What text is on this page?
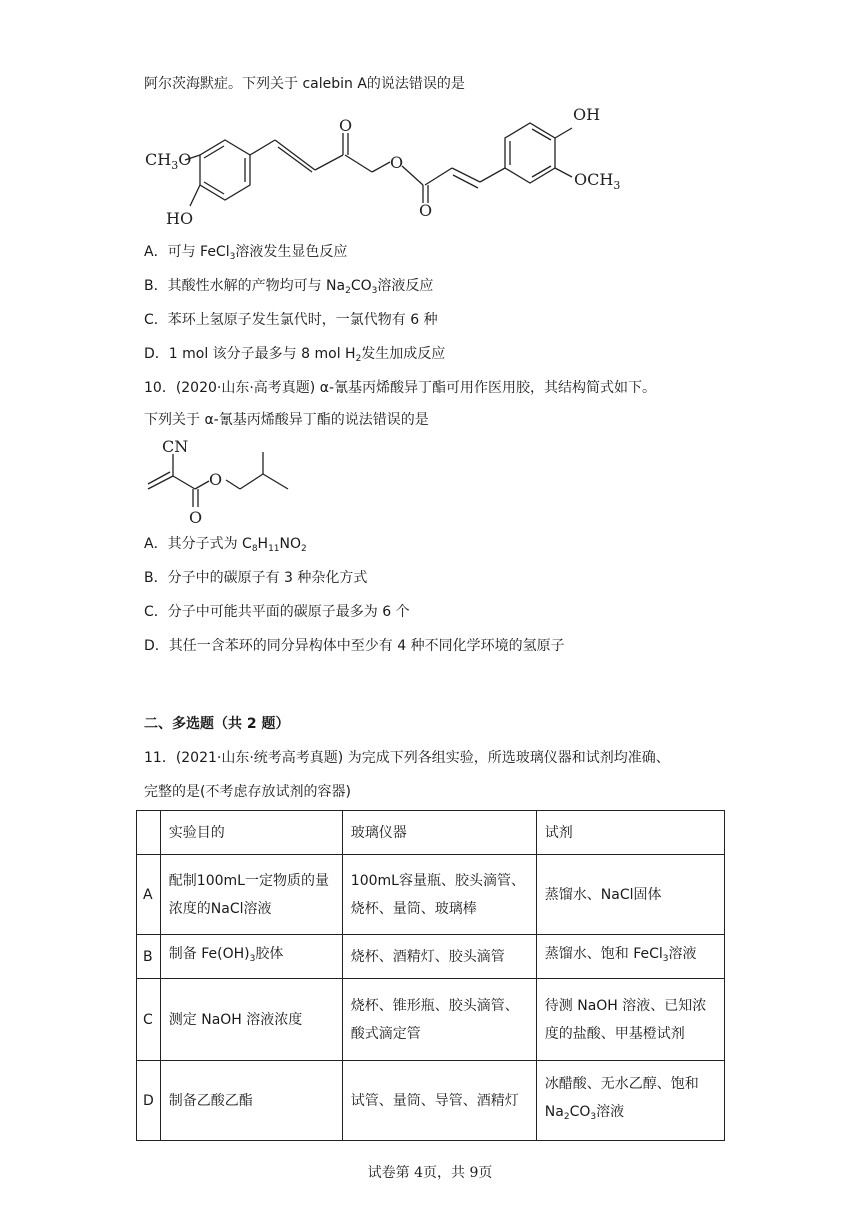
阿尔茨海默症。下列关于 calebin A的说法错误的是
$CH_3O$
HO
O
O
O
OH
$OCH_3$
A．可与 FeCl$_3$溶液发生显色反应
B．其酸性水解的产物均可与 $Na_2CO_3$溶液反应
C．苯环上氢原子发生氯代时，一氯代物有 6 种
D．1 mol 该分子最多与 8 mol $H_2$发生加成反应
10．(2020·山东·高考真题) α-氰基丙烯酸异丁酯可用作医用胶，其结构简式如下。
下列关于 α-氰基丙烯酸异丁酯的说法错误的是
CN
O
O
A．其分子式为 $C_8H_{11}NO_2$
B．分子中的碳原子有 3 种杂化方式
C．分子中可能共平面的碳原子最多为 6 个
D．其任一含苯环的同分异构体中至少有 4 种不同化学环境的氢原子
二、多选题（共 2 题）
11．(2021·山东·统考高考真题) 为完成下列各组实验，所选玻璃仪器和试剂均准确、
完整的是(不考虑存放试剂的容器)
	实验目的	玻璃仪器	试剂
A	配制100mL一定物质的量浓度的NaCl溶液	100mL容量瓶、胶头滴管、烧杯、量筒、玻璃棒	蒸馏水、NaCl固体
B	制备 $Fe(OH)_3$胶体	烧杯、酒精灯、胶头滴管	蒸馏水、饱和 FeCl$_3$溶液
C	测定 NaOH 溶液浓度	烧杯、锥形瓶、胶头滴管、酸式滴定管	待测 NaOH 溶液、已知浓度的盐酸、甲基橙试剂
D	制备乙酸乙酯	试管、量筒、导管、酒精灯	冰醋酸、无水乙醇、饱和$Na_2CO_3$溶液
试卷第 4页，共 9页
